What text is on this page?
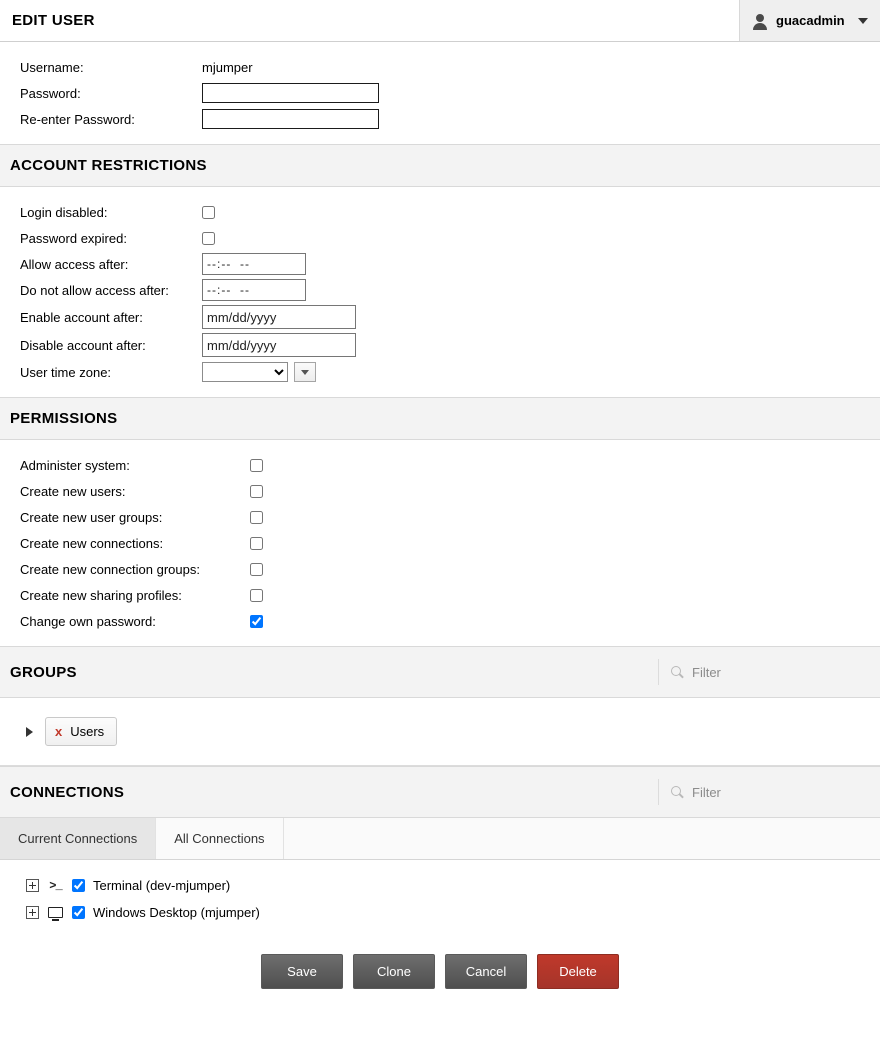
EDIT USER	guacadmin
Username:	mjumper
Password:
Re-enter Password:
ACCOUNT RESTRICTIONS
Login disabled:
Password expired:
Allow access after:
--:-- --
Do not allow access after:
--:-- --
Enable account after:
mm/dd/yyyy
Disable account after:
mm/dd/yyyy
User time zone:
PERMISSIONS
Administer system:
Create new users:
Create new user groups:
Create new connections:
Create new connection groups:
Create new sharing profiles:
Change own password:
GROUPS
Filter
x Users
CONNECTIONS
Filter
Current Connections	All Connections
>_ Terminal (dev-mjumper)
Windows Desktop (mjumper)
Save	Clone	Cancel	Delete
